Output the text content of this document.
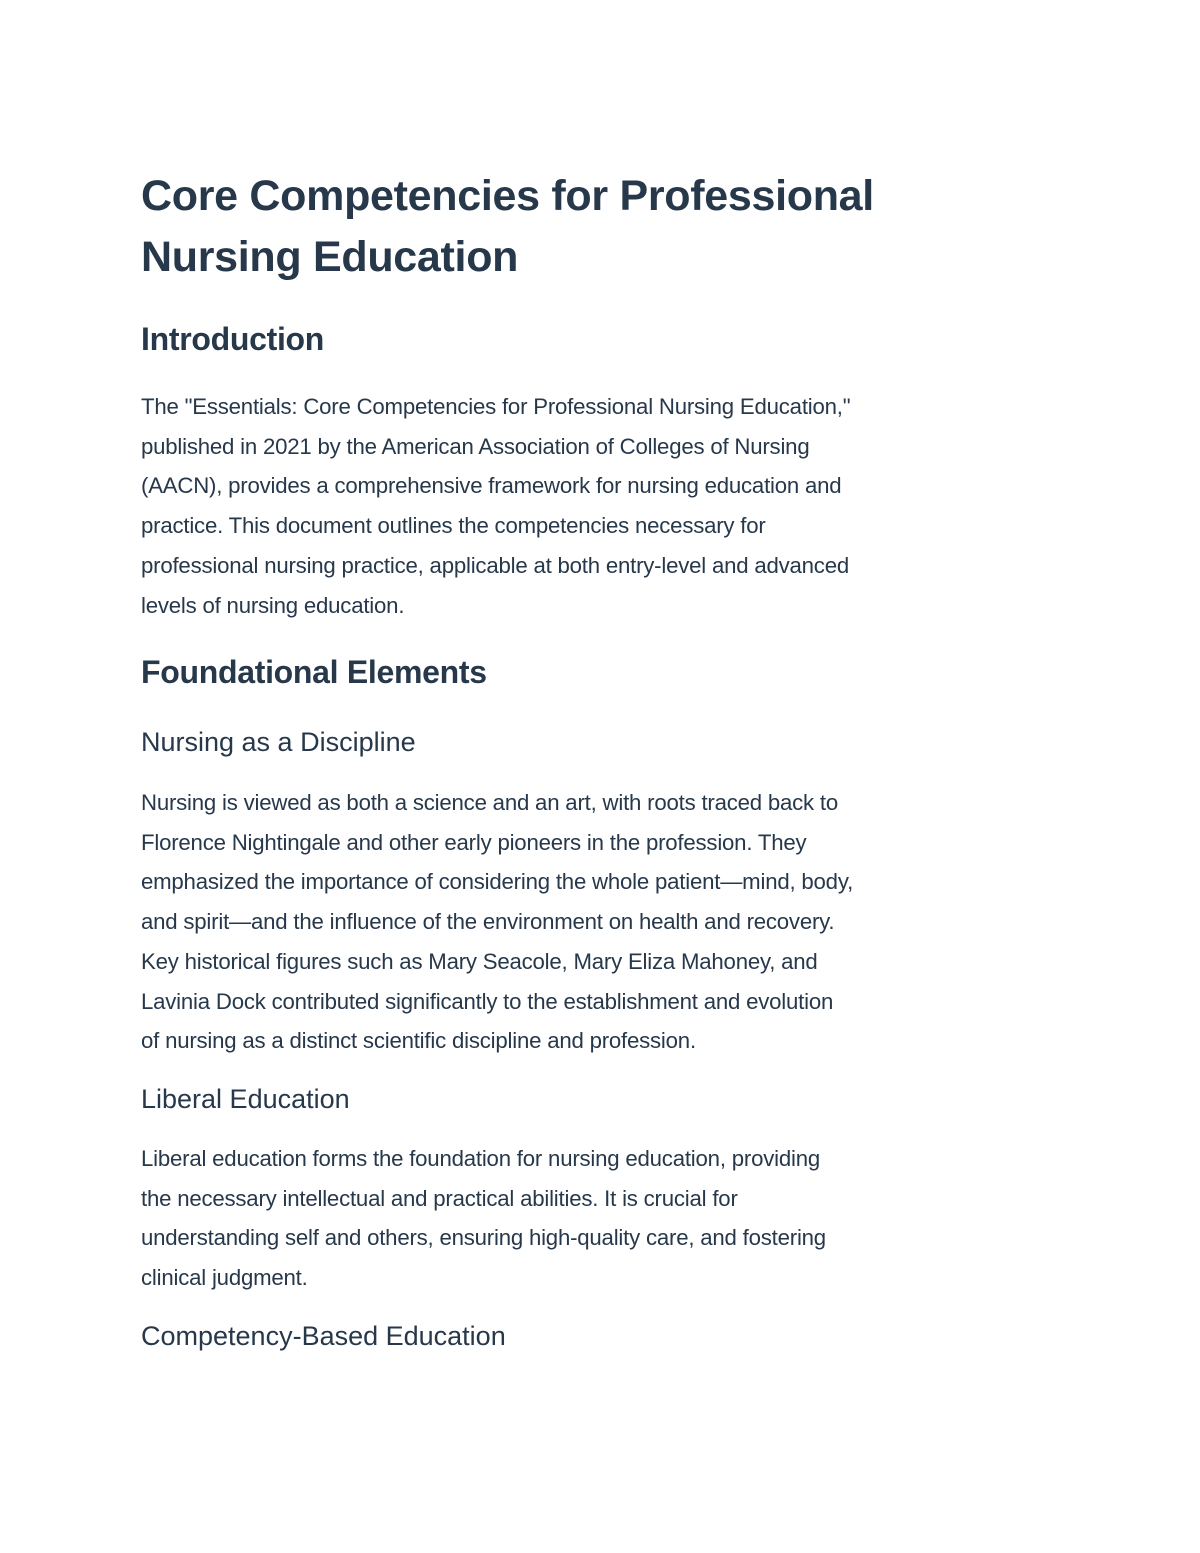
Core Competencies for Professional
Nursing Education
Introduction
The "Essentials: Core Competencies for Professional Nursing Education,"
published in 2021 by the American Association of Colleges of Nursing
(AACN), provides a comprehensive framework for nursing education and
practice. This document outlines the competencies necessary for
professional nursing practice, applicable at both entry-level and advanced
levels of nursing education.
Foundational Elements
Nursing as a Discipline
Nursing is viewed as both a science and an art, with roots traced back to
Florence Nightingale and other early pioneers in the profession. They
emphasized the importance of considering the whole patient—mind, body,
and spirit—and the influence of the environment on health and recovery.
Key historical figures such as Mary Seacole, Mary Eliza Mahoney, and
Lavinia Dock contributed significantly to the establishment and evolution
of nursing as a distinct scientific discipline and profession.
Liberal Education
Liberal education forms the foundation for nursing education, providing
the necessary intellectual and practical abilities. It is crucial for
understanding self and others, ensuring high-quality care, and fostering
clinical judgment.
Competency-Based Education
